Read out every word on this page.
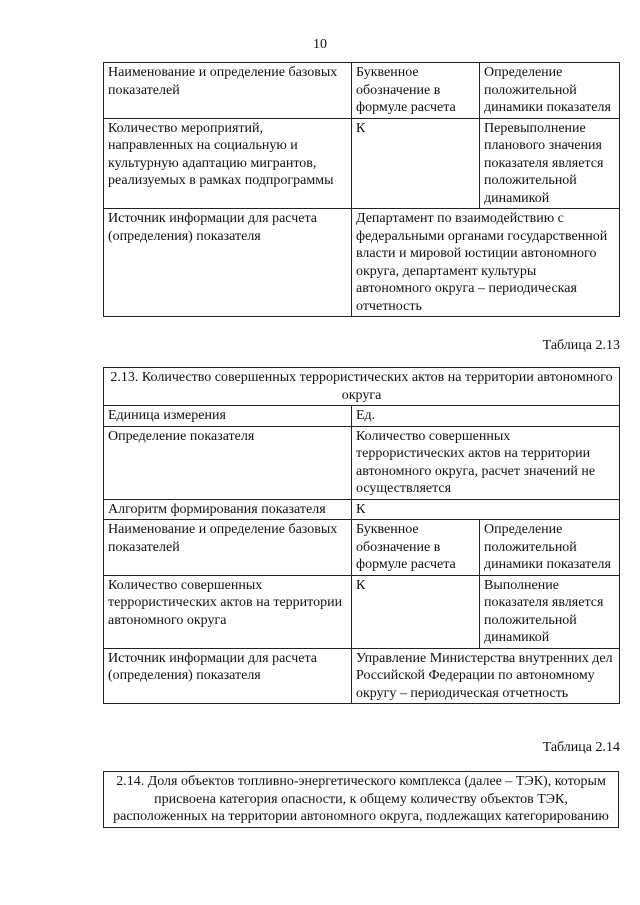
10
Наименование и определение базовых показателей	Буквенное обозначение в формуле расчета	Определение положительной динамики показателя
Количество мероприятий, направленных на социальную и культурную адаптацию мигрантов, реализуемых в рамках подпрограммы	К	Перевыполнение планового значения показателя является положительной динамикой
Источник информации для расчета (определения) показателя	Департамент по взаимодействию с федеральными органами государственной власти и мировой юстиции автономного округа, департамент культуры автономного округа – периодическая отчетность	
Таблица 2.13
2.13. Количество совершенных террористических актов на территории автономного округа		
Единица измерения	Ед.	
Определение показателя	Количество совершенных террористических актов на территории автономного округа, расчет значений не осуществляется	
Алгоритм формирования показателя	К	
Наименование и определение базовых показателей	Буквенное обозначение в формуле расчета	Определение положительной динамики показателя
Количество совершенных террористических актов на территории автономного округа	К	Выполнение показателя является положительной динамикой
Источник информации для расчета (определения) показателя	Управление Министерства внутренних дел Российской Федерации по автономному округу – периодическая отчетность	
Таблица 2.14
2.14. Доля объектов топливно-энергетического комплекса (далее – ТЭК), которым присвоена категория опасности, к общему количеству объектов ТЭК, расположенных на территории автономного округа, подлежащих категорированию
